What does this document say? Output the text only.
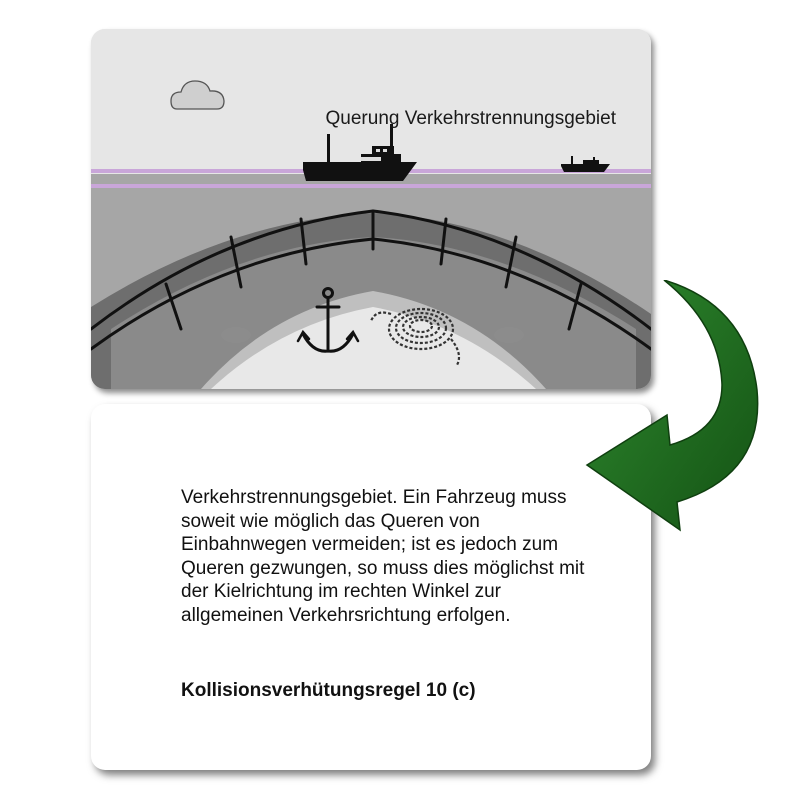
Querung Verkehrstrennungsgebiet
Verkehrstrennungsgebiet. Ein Fahrzeug muss soweit wie möglich das Queren von Einbahnwegen vermeiden; ist es jedoch zum Queren gezwungen, so muss dies möglichst mit der Kielrichtung im rechten Winkel zur allgemeinen Verkehrsrichtung erfolgen.
Kollisionsverhütungsregel 10 (c)
